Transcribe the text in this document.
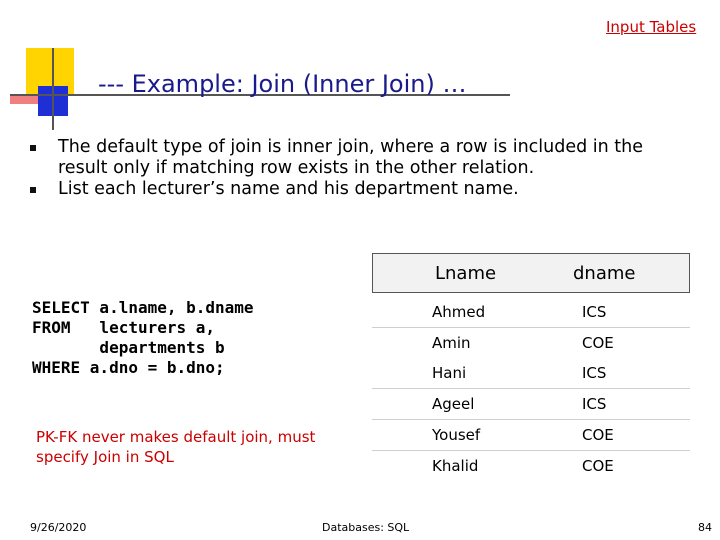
Input Tables
--- Example: Join (Inner Join) …

The default type of join is inner join, where a row is included in the result only if matching row exists in the other relation.

List each lecturer’s name and his department name.

SELECT a.lname, b.dname
FROM   lecturers a,
departments b
WHERE a.dno = b.dno;
PK-FK never makes default join, must specify Join in SQL
Lname	dname
Ahmed	ICS
Amin	COE
Hani	ICS
Ageel	ICS
Yousef	COE
Khalid	COE
9/26/2020	Databases: SQL	84
